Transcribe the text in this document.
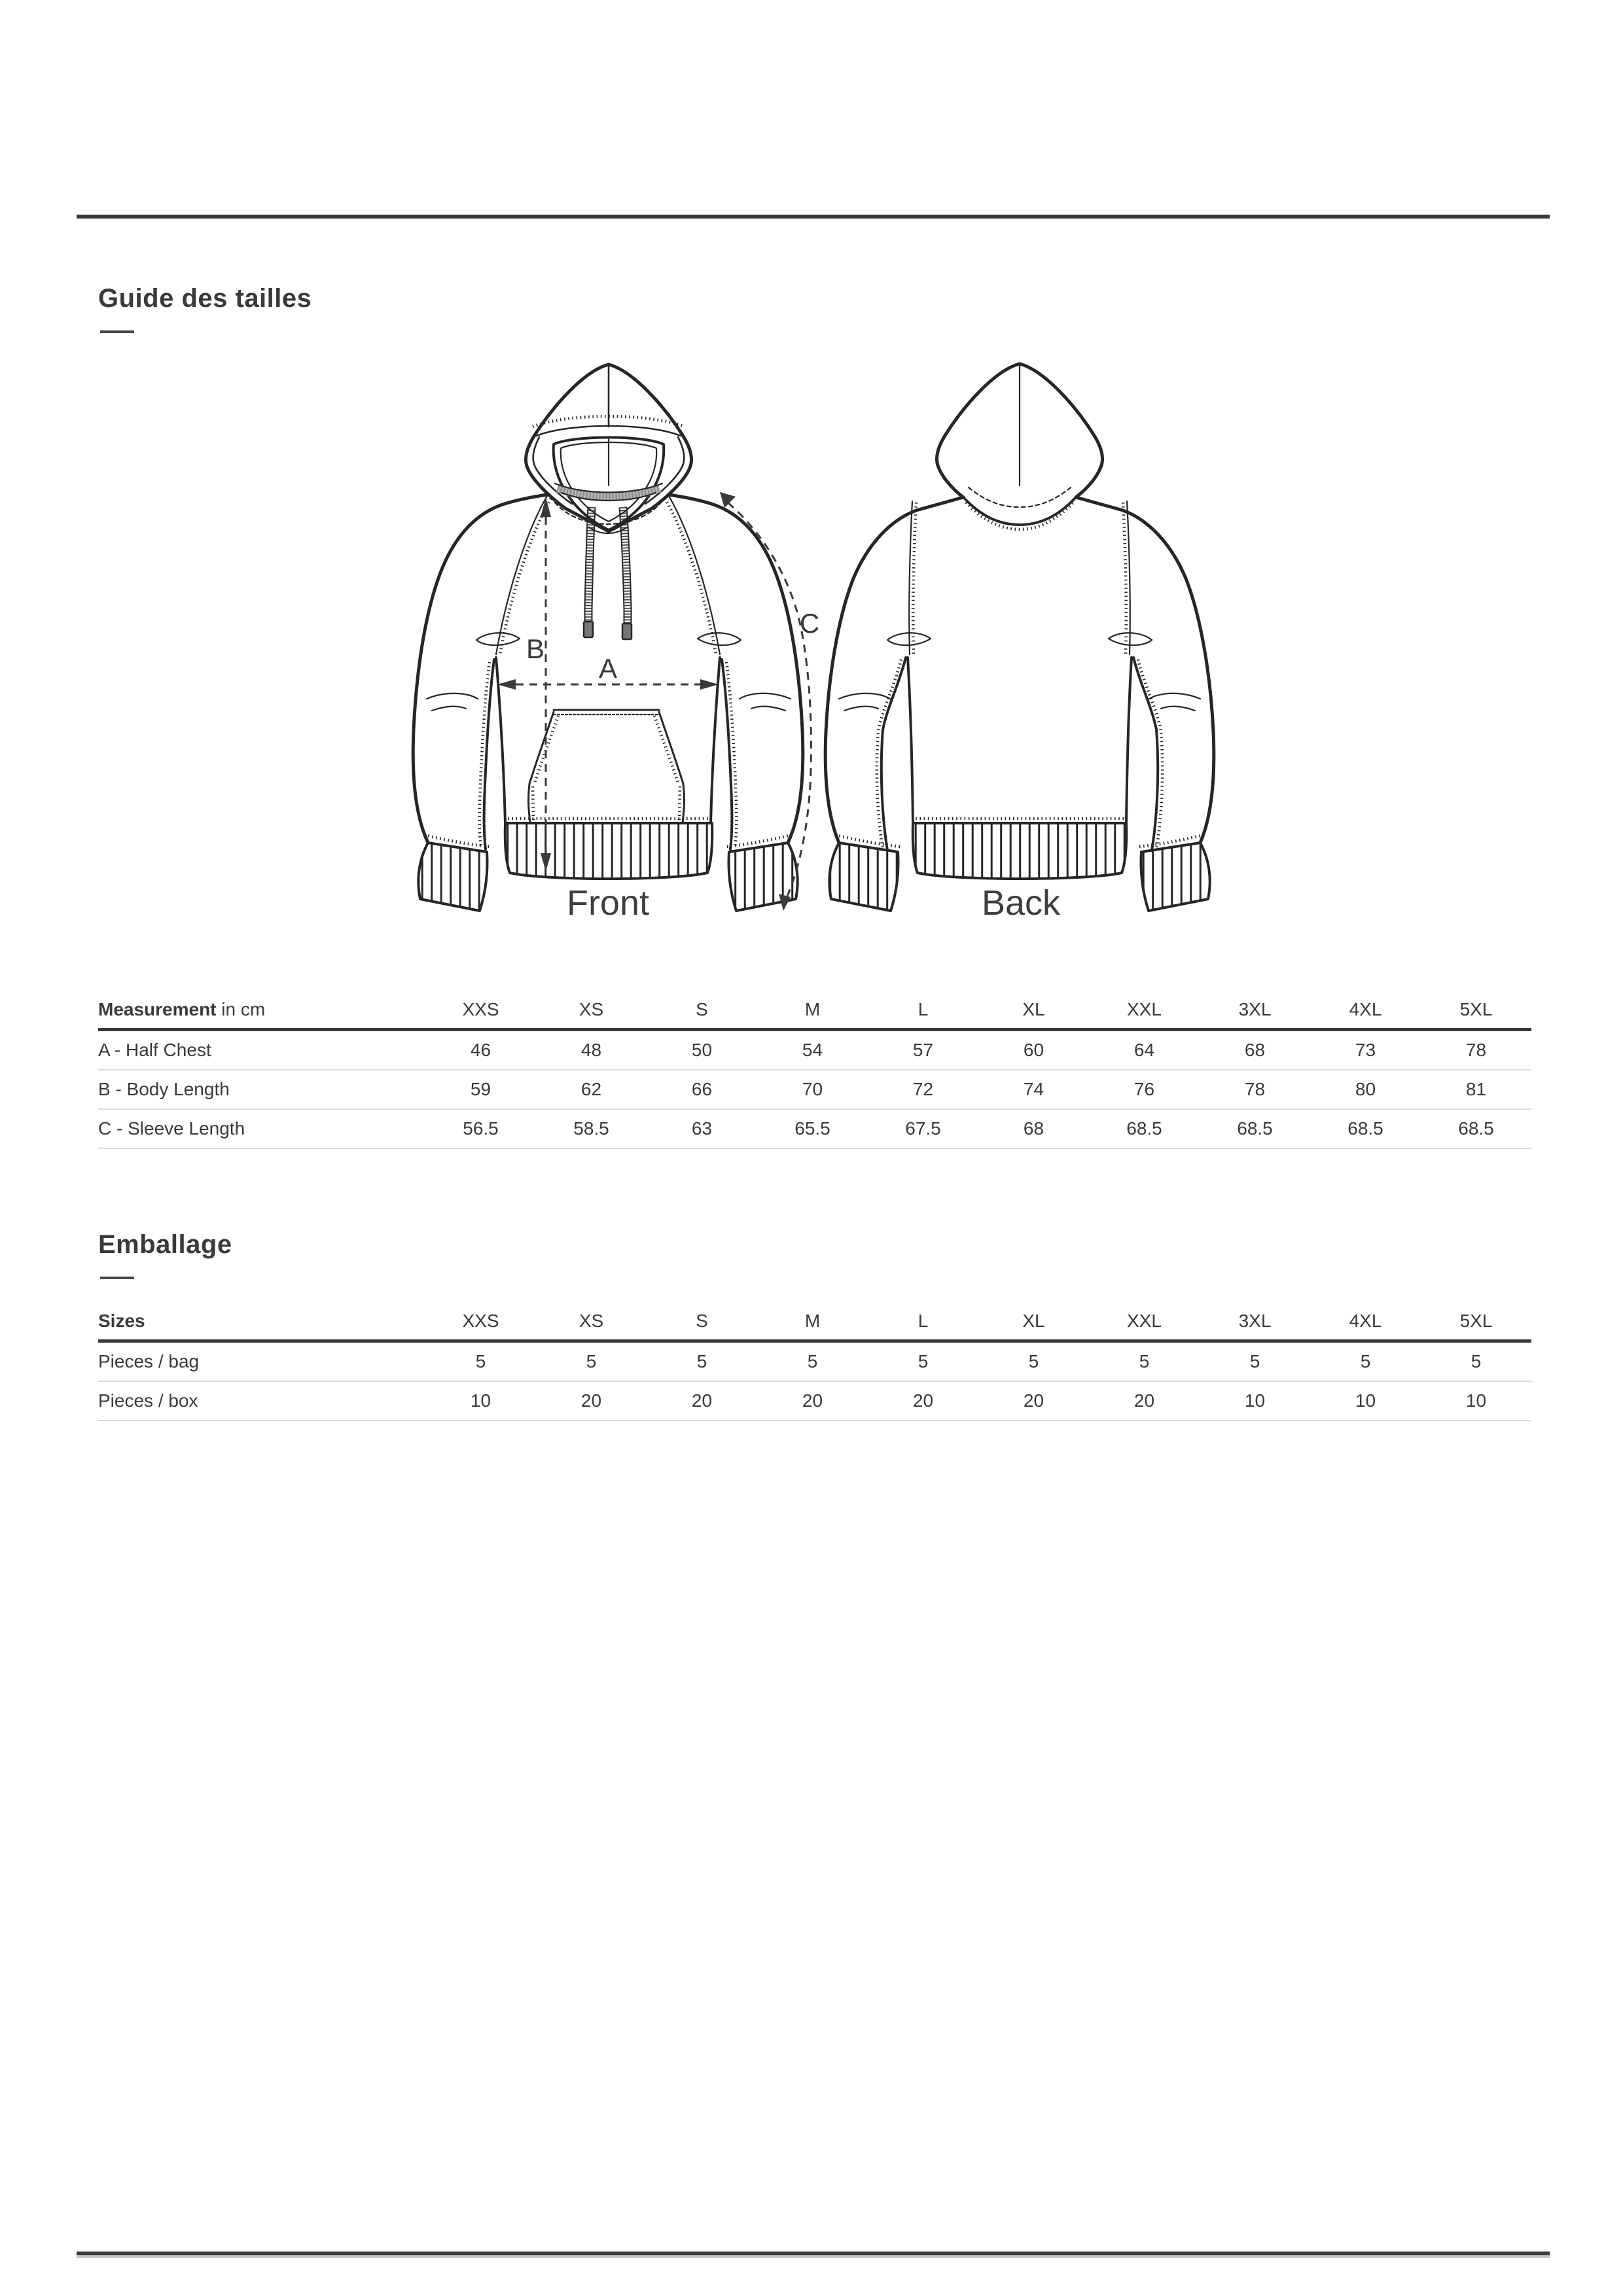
Guide des tailles
A
B
C
Front	Back
Measurement in cm	XXS	XS	S	M	L	XL	XXL	3XL	4XL	5XL
A - Half Chest	46	48	50	54	57	60	64	68	73	78
B - Body Length	59	62	66	70	72	74	76	78	80	81
C - Sleeve Length	56.5	58.5	63	65.5	67.5	68	68.5	68.5	68.5	68.5
Emballage
Sizes	XXS	XS	S	M	L	XL	XXL	3XL	4XL	5XL
Pieces / bag	5	5	5	5	5	5	5	5	5	5
Pieces / box	10	20	20	20	20	20	20	10	10	10
